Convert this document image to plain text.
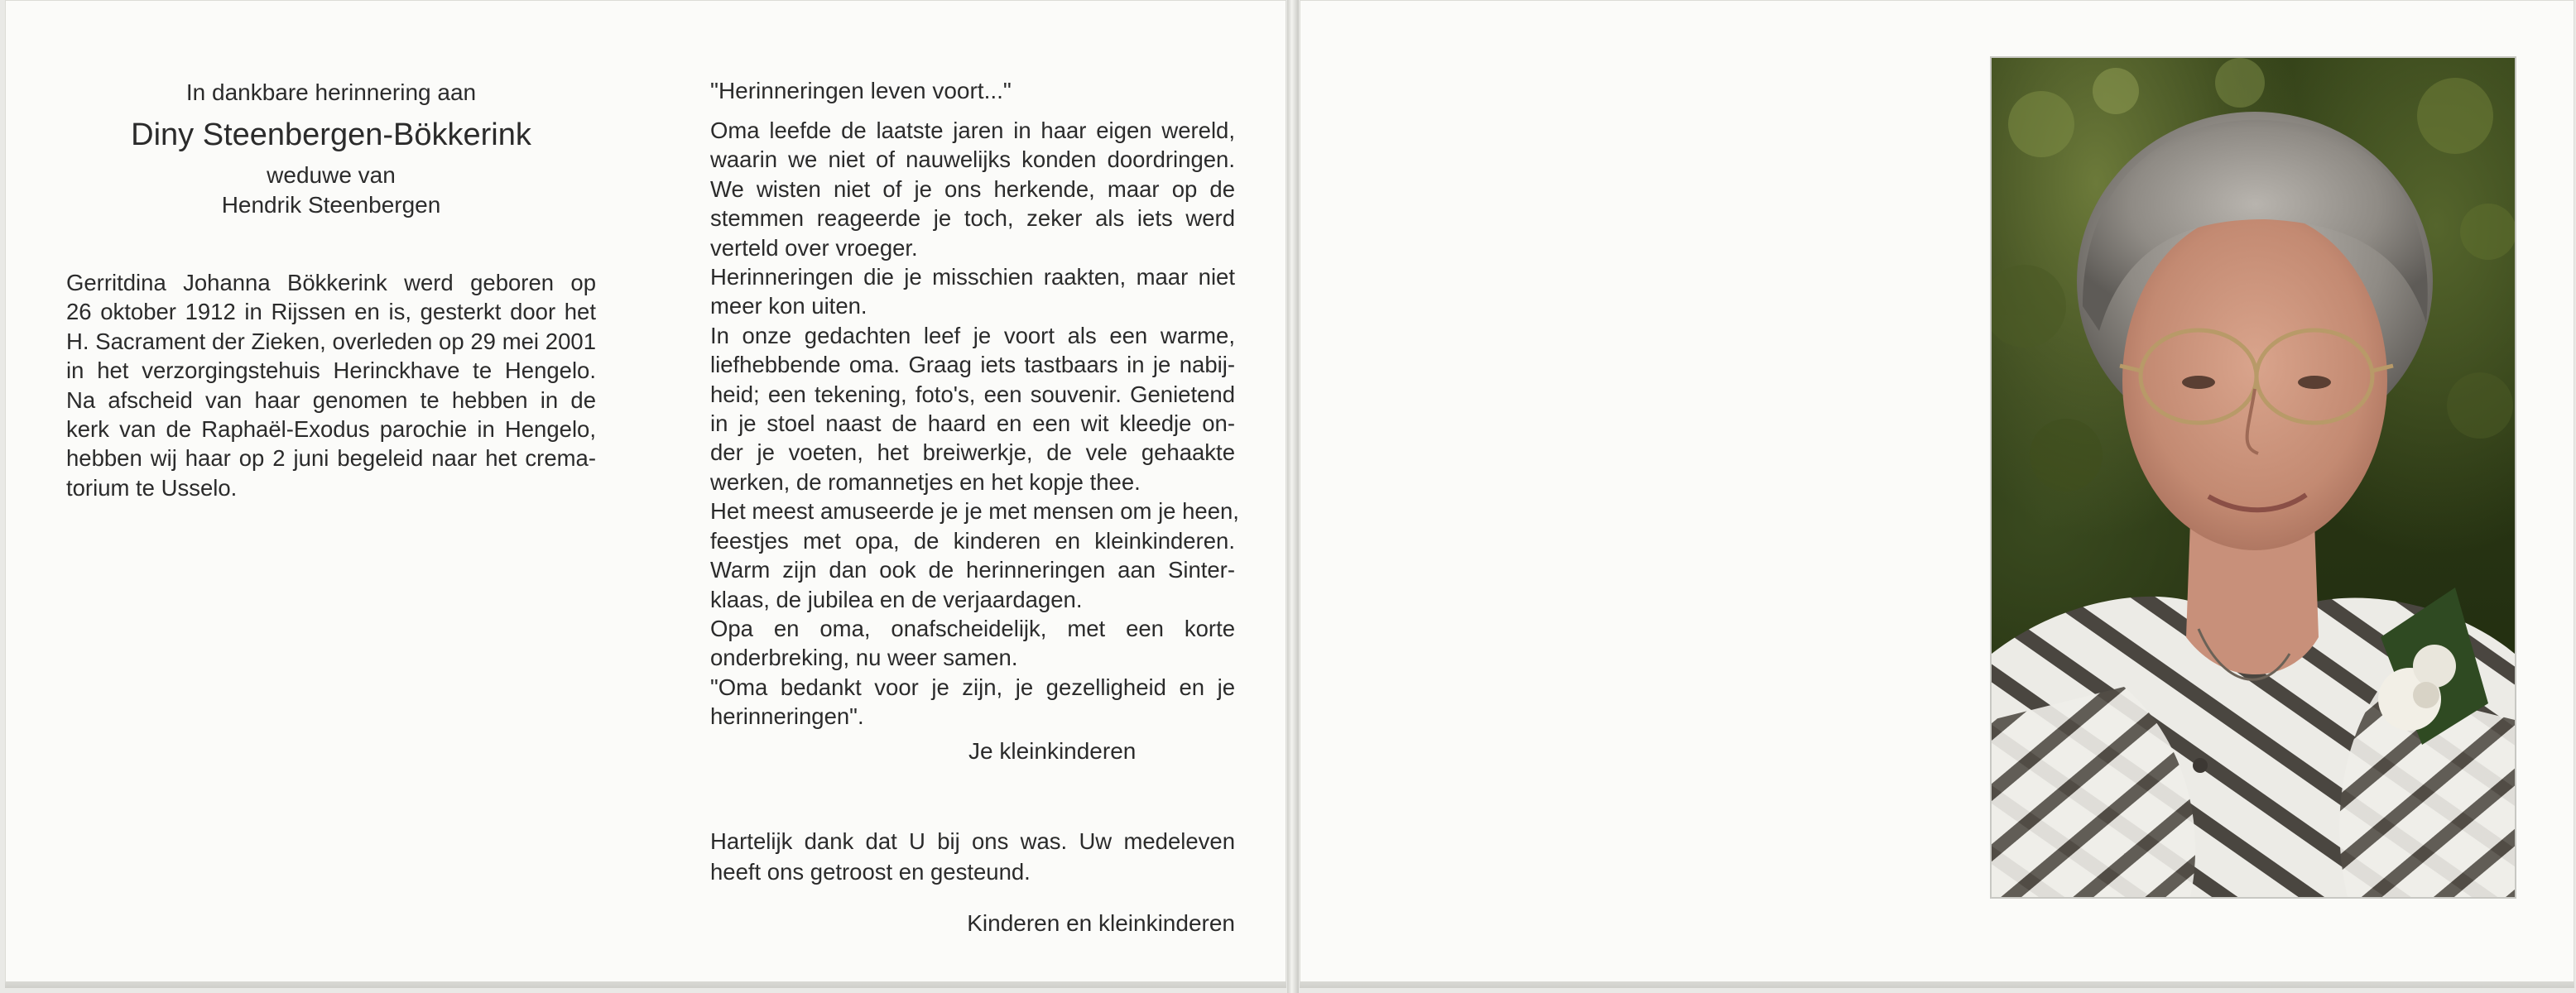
In dankbare herinnering aan
Diny Steenbergen-Bökkerink
weduwe van
Hendrik Steenbergen
Gerritdina Johanna Bökkerink werd geboren op
26 oktober 1912 in Rijssen en is, gesterkt door het
H. Sacrament der Zieken, overleden op 29 mei 2001
in het verzorgingstehuis Herinckhave te Hengelo.
Na afscheid van haar genomen te hebben in de
kerk van de Raphaël-Exodus parochie in Hengelo,
hebben wij haar op 2 juni begeleid naar het crema-
torium te Usselo.
"Herinneringen leven voort..."
Oma leefde de laatste jaren in haar eigen wereld,
waarin we niet of nauwelijks konden doordringen.
We wisten niet of je ons herkende, maar op de
stemmen reageerde je toch, zeker als iets werd
verteld over vroeger.
Herinneringen die je misschien raakten, maar niet
meer kon uiten.
In onze gedachten leef je voort als een warme,
liefhebbende oma. Graag iets tastbaars in je nabij-
heid; een tekening, foto's, een souvenir. Genietend
in je stoel naast de haard en een wit kleedje on-
der je voeten, het breiwerkje, de vele gehaakte
werken, de romannetjes en het kopje thee.
Het meest amuseerde je je met mensen om je heen,
feestjes met opa, de kinderen en kleinkinderen.
Warm zijn dan ook de herinneringen aan Sinter-
klaas, de jubilea en de verjaardagen.
Opa en oma, onafscheidelijk, met een korte
onderbreking, nu weer samen.
"Oma bedankt voor je zijn, je gezelligheid en je
herinneringen".
Je kleinkinderen
Hartelijk dank dat U bij ons was. Uw medeleven
heeft ons getroost en gesteund.
Kinderen en kleinkinderen
